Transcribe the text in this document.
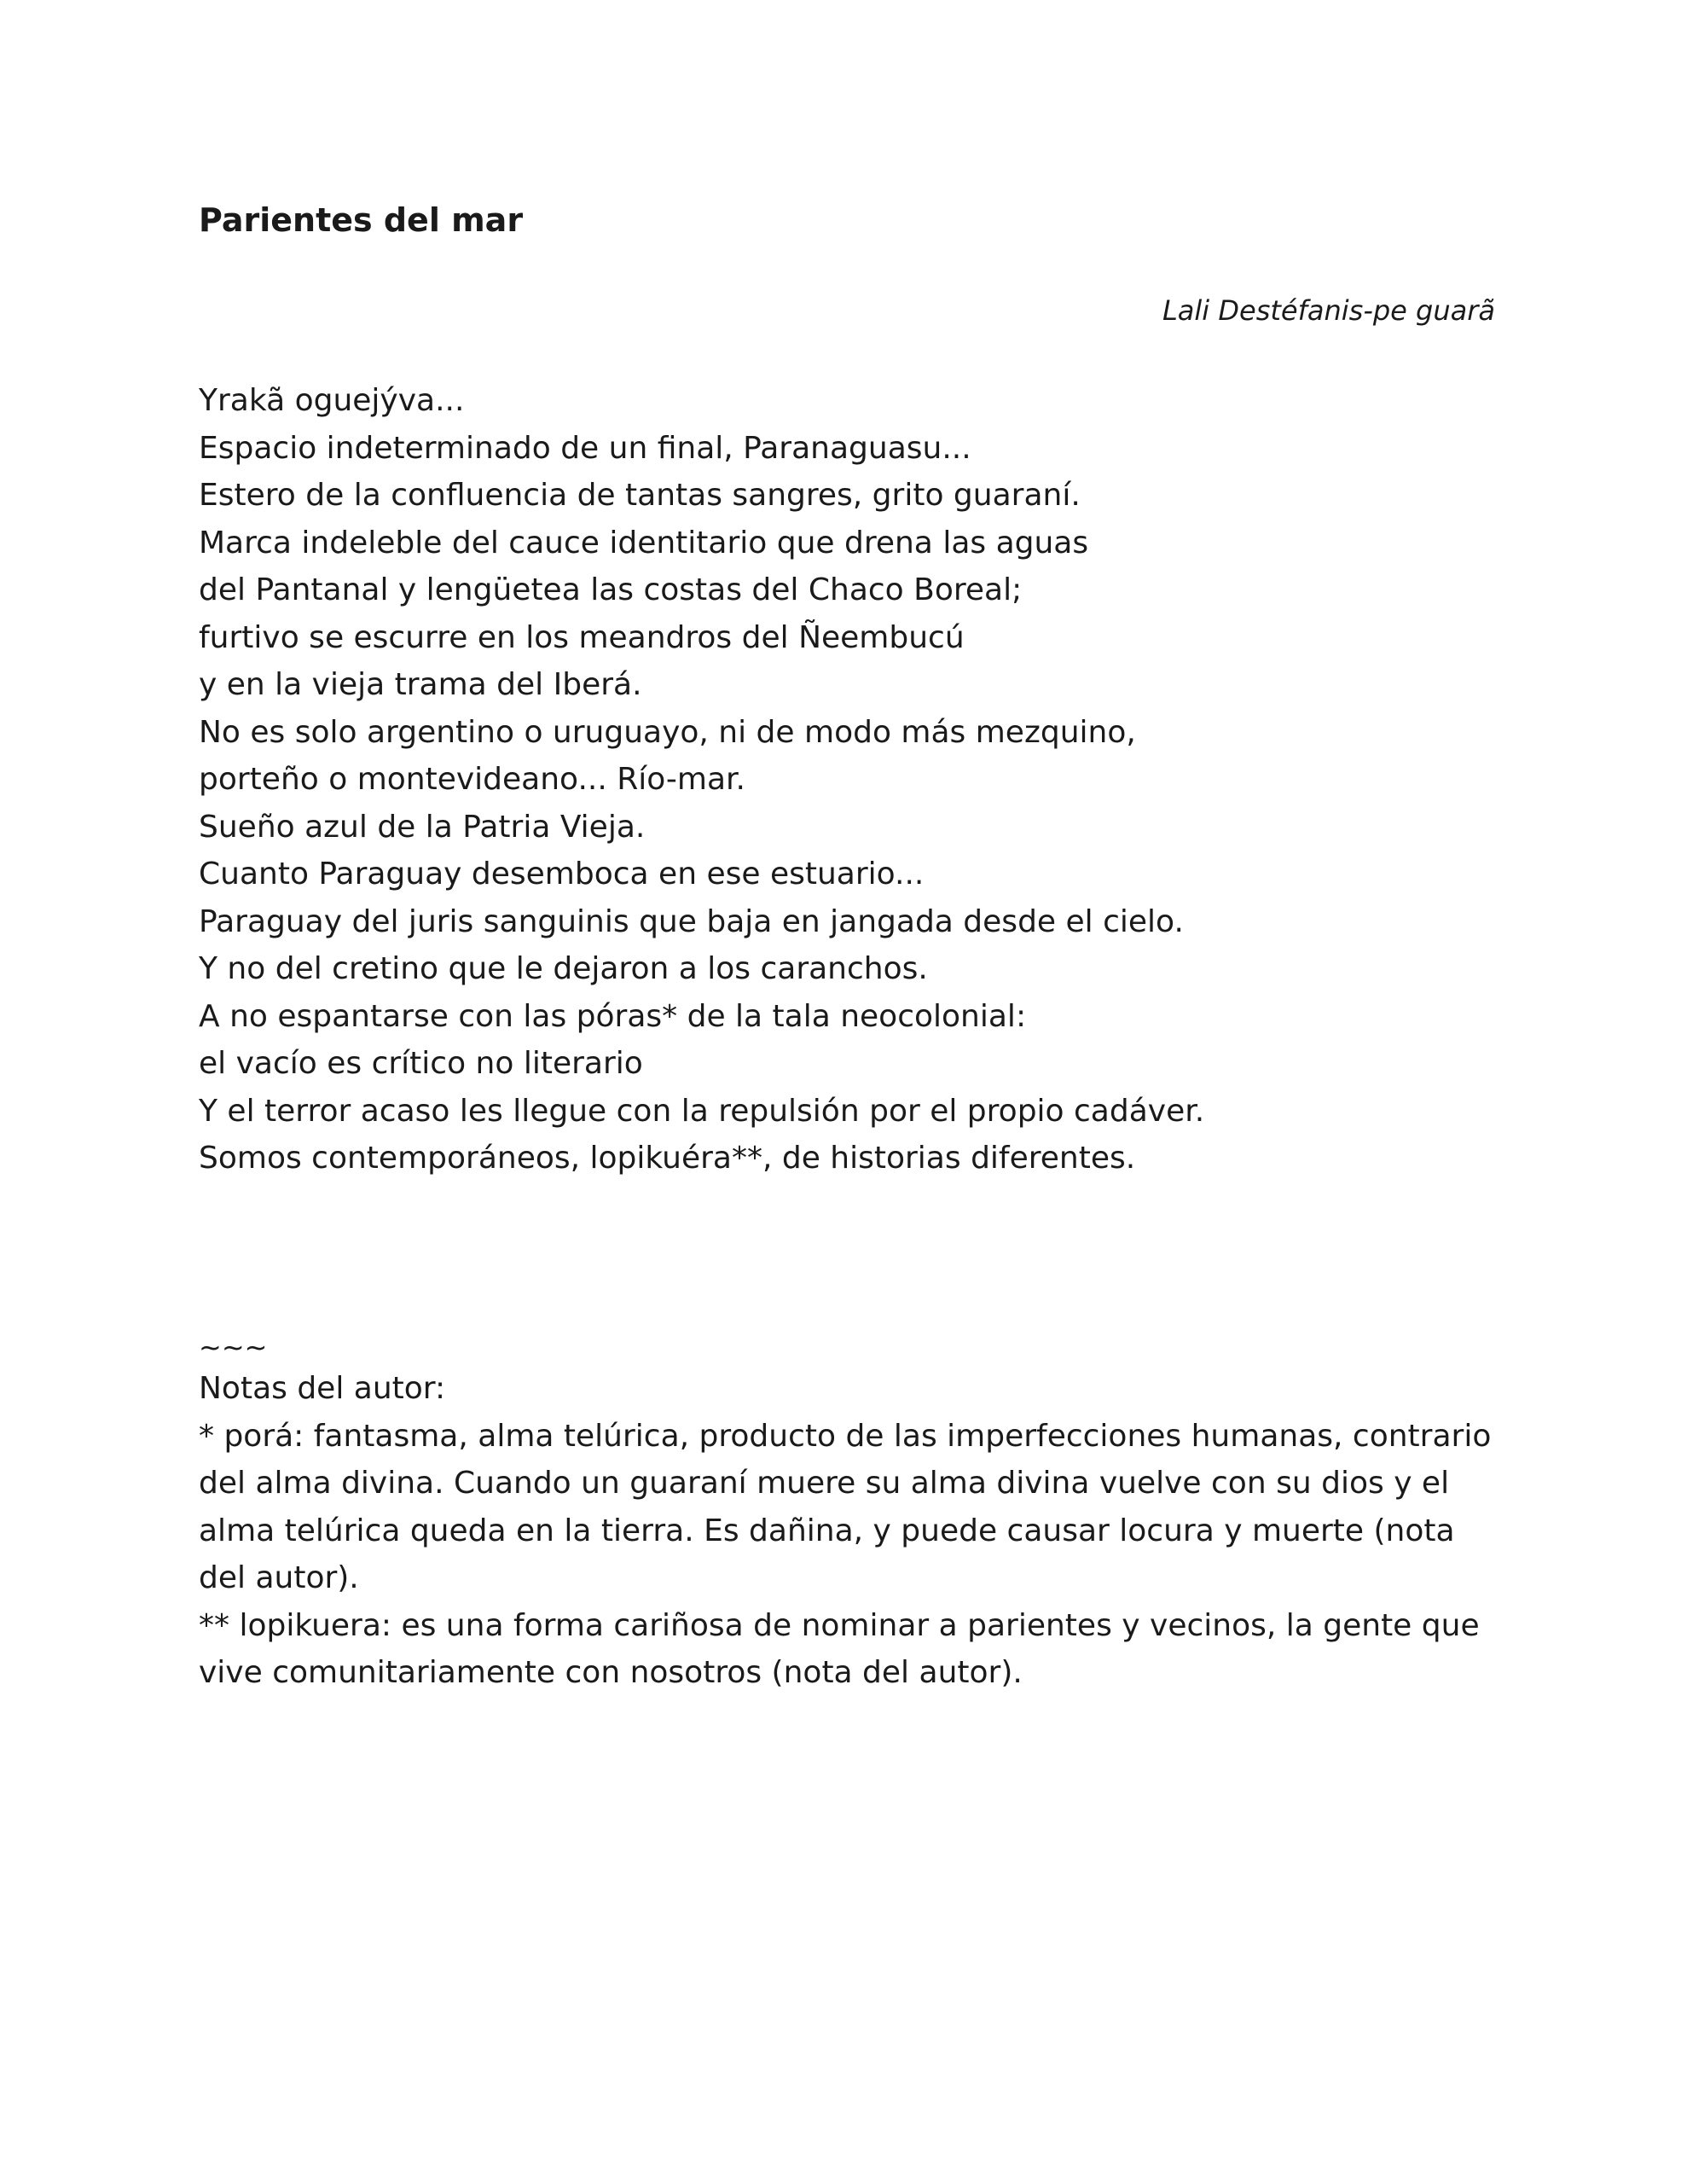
Parientes del mar

Lali Destéfanis-pe guarã

Yrakã oguejýva...
Espacio indeterminado de un final, Paranaguasu...
Estero de la confluencia de tantas sangres, grito guaraní.
Marca indeleble del cauce identitario que drena las aguas
del Pantanal y lengüetea las costas del Chaco Boreal;
furtivo se escurre en los meandros del Ñeembucú
y en la vieja trama del Iberá.
No es solo argentino o uruguayo, ni de modo más mezquino,
porteño o montevideano... Río-mar.
Sueño azul de la Patria Vieja.
Cuanto Paraguay desemboca en ese estuario...
Paraguay del juris sanguinis que baja en jangada desde el cielo.
Y no del cretino que le dejaron a los caranchos.
A no espantarse con las póras* de la tala neocolonial:
el vacío es crítico no literario
Y el terror acaso les llegue con la repulsión por el propio cadáver.
Somos contemporáneos, lopikuéra**, de historias diferentes.

~~~

Notas del autor:

* porá: fantasma, alma telúrica, producto de las imperfecciones humanas, contrario del alma divina. Cuando un guaraní muere su alma divina vuelve con su dios y el alma telúrica queda en la tierra. Es dañina, y puede causar locura y muerte (nota del autor).

** lopikuera: es una forma cariñosa de nominar a parientes y vecinos, la gente que vive comunitariamente con nosotros (nota del autor).
